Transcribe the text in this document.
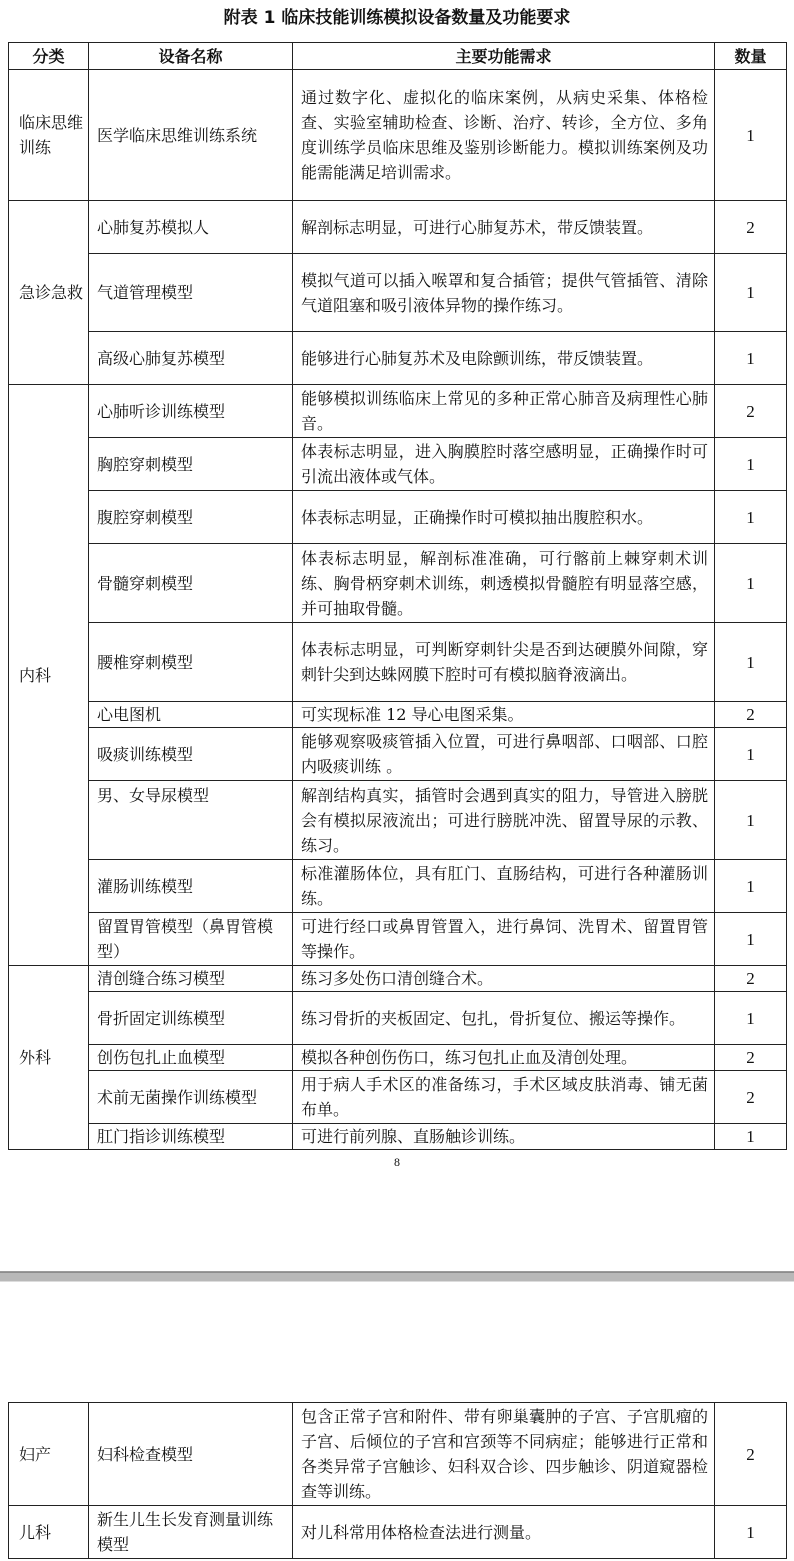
附表 1 临床技能训练模拟设备数量及功能要求
分类	设备名称	主要功能需求	数量
临床思维训练	医学临床思维训练系统	通过数字化、虚拟化的临床案例，从病史采集、体格检查、实验室辅助检查、诊断、治疗、转诊，全方位、多角度训练学员临床思维及鉴别诊断能力。模拟训练案例及功能需能满足培训需求。	1
急诊急救	心肺复苏模拟人	解剖标志明显，可进行心肺复苏术，带反馈装置。	2
	气道管理模型	模拟气道可以插入喉罩和复合插管；提供气管插管、清除气道阻塞和吸引液体异物的操作练习。	1
	高级心肺复苏模型	能够进行心肺复苏术及电除颤训练，带反馈装置。	1
内科	心肺听诊训练模型	能够模拟训练临床上常见的多种正常心肺音及病理性心肺音。	2
	胸腔穿刺模型	体表标志明显，进入胸膜腔时落空感明显，正确操作时可引流出液体或气体。	1
	腹腔穿刺模型	体表标志明显，正确操作时可模拟抽出腹腔积水。	1
	骨髓穿刺模型	体表标志明显，解剖标准准确，可行髂前上棘穿刺术训练、胸骨柄穿刺术训练，刺透模拟骨髓腔有明显落空感，并可抽取骨髓。	1
	腰椎穿刺模型	体表标志明显，可判断穿刺针尖是否到达硬膜外间隙，穿刺针尖到达蛛网膜下腔时可有模拟脑脊液滴出。	1
	心电图机	可实现标准 12 导心电图采集。	2
	吸痰训练模型	能够观察吸痰管插入位置，可进行鼻咽部、口咽部、口腔内吸痰训练 。	1
	男、女导尿模型	解剖结构真实，插管时会遇到真实的阻力，导管进入膀胱会有模拟尿液流出；可进行膀胱冲洗、留置导尿的示教、练习。	1
	灌肠训练模型	标准灌肠体位，具有肛门、直肠结构，可进行各种灌肠训练。	1
	留置胃管模型（鼻胃管模型）	可进行经口或鼻胃管置入，进行鼻饲、洗胃术、留置胃管等操作。	1
外科	清创缝合练习模型	练习多处伤口清创缝合术。	2
	骨折固定训练模型	练习骨折的夹板固定、包扎，骨折复位、搬运等操作。	1
	创伤包扎止血模型	模拟各种创伤伤口，练习包扎止血及清创处理。	2
	术前无菌操作训练模型	用于病人手术区的准备练习，手术区域皮肤消毒、铺无菌布单。	2
	肛门指诊训练模型	可进行前列腺、直肠触诊训练。	1
8
妇产	妇科检查模型	包含正常子宫和附件、带有卵巢囊肿的子宫、子宫肌瘤的子宫、后倾位的子宫和宫颈等不同病症；能够进行正常和各类异常子宫触诊、妇科双合诊、四步触诊、阴道窥器检查等训练。	2
儿科	新生儿生长发育测量训练模型	对儿科常用体格检查法进行测量。	1
